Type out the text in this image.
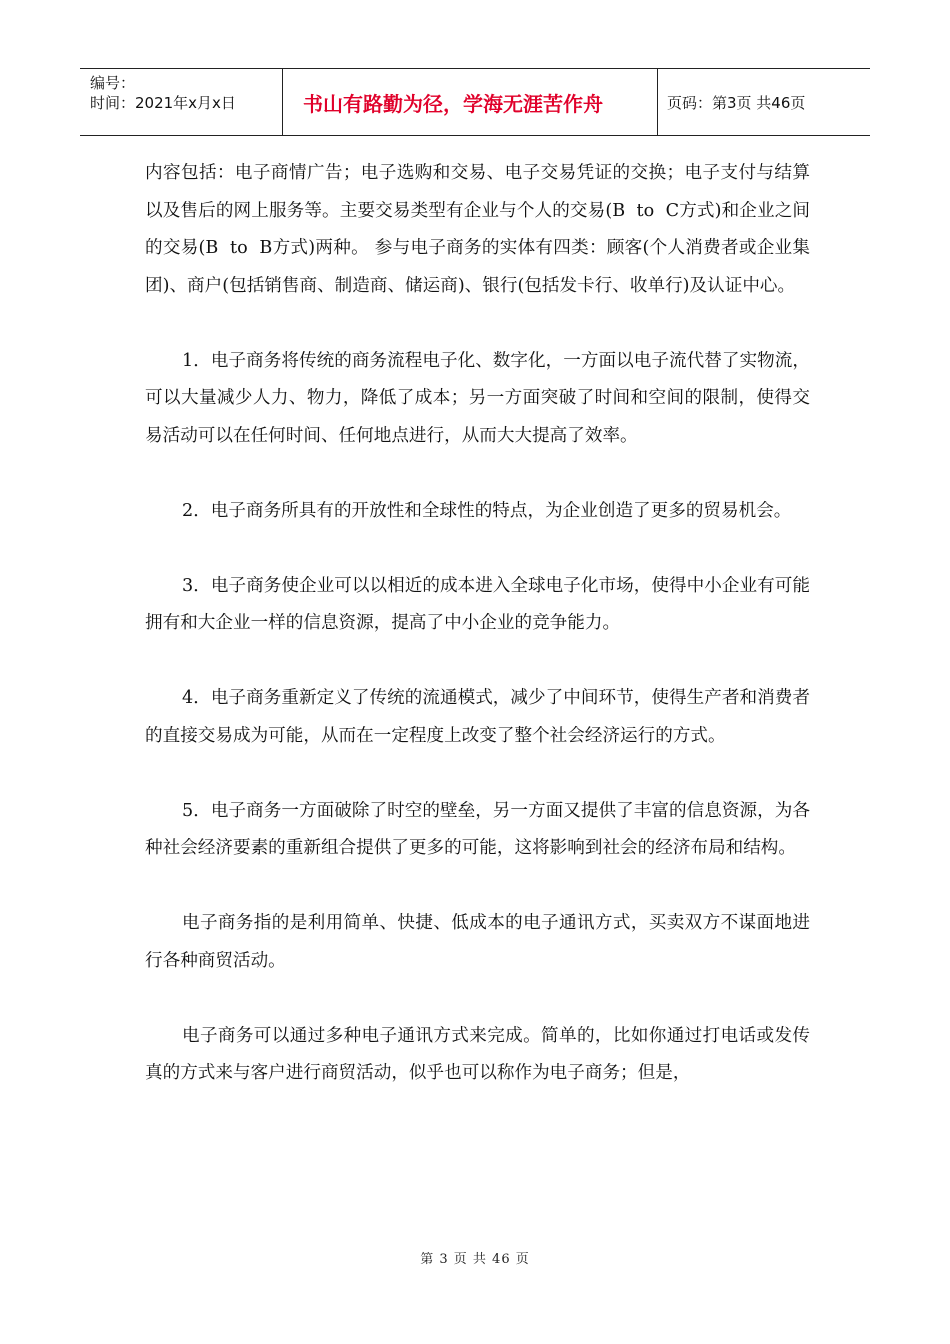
编号：
时间：2021年x月x日	书山有路勤为径，学海无涯苦作舟	页码：第3页 共46页

内容包括：电子商情广告；电子选购和交易、电子交易凭证的交换；电子支付与结算以及售后的网上服务等。主要交易类型有企业与个人的交易(B  to  C方式)和企业之间的交易(B  to  B方式)两种。 参与电子商务的实体有四类：顾客(个人消费者或企业集团)、商户(包括销售商、制造商、储运商)、银行(包括发卡行、收单行)及认证中心。

1．电子商务将传统的商务流程电子化、数字化，一方面以电子流代替了实物流，可以大量减少人力、物力，降低了成本；另一方面突破了时间和空间的限制，使得交易活动可以在任何时间、任何地点进行，从而大大提高了效率。

2．电子商务所具有的开放性和全球性的特点，为企业创造了更多的贸易机会。

3．电子商务使企业可以以相近的成本进入全球电子化市场，使得中小企业有可能拥有和大企业一样的信息资源，提高了中小企业的竞争能力。

4．电子商务重新定义了传统的流通模式，减少了中间环节，使得生产者和消费者的直接交易成为可能，从而在一定程度上改变了整个社会经济运行的方式。

5．电子商务一方面破除了时空的壁垒，另一方面又提供了丰富的信息资源，为各种社会经济要素的重新组合提供了更多的可能，这将影响到社会的经济布局和结构。

电子商务指的是利用简单、快捷、低成本的电子通讯方式，买卖双方不谋面地进行各种商贸活动。

电子商务可以通过多种电子通讯方式来完成。简单的，比如你通过打电话或发传真的方式来与客户进行商贸活动，似乎也可以称作为电子商务；但是，

第 3 页 共 46 页
